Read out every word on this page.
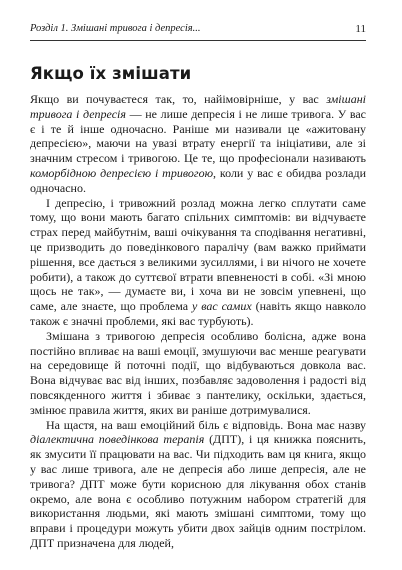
Розділ 1. Змішані тривога і депресія...	11
Якщо їх змішати

Якщо ви почуваєтеся так, то, найімовірніше, у вас змішані тривога і депресія — не лише депресія і не лише тривога. У вас є і те й інше одночасно. Раніше ми називали це «ажитовану депресією», маючи на увазі втрату енергії та ініціативи, але зі значним стресом і тривогою. Це те, що професіонали називають коморбідною депресією і тривогою, коли у вас є обидва розлади одночасно.

І депресію, і тривожний розлад можна легко сплутати саме тому, що вони мають багато спільних симптомів: ви відчуваєте страх перед майбутнім, ваші очікування та сподівання негативні, це призводить до поведінкового паралічу (вам важко приймати рішення, все дається з великими зусиллями, і ви нічого не хочете робити), а також до суттєвої втрати впевненості в собі. «Зі мною щось не так», — думаєте ви, і хоча ви не зовсім упевнені, що саме, але знаєте, що проблема у вас самих (навіть якщо навколо також є значні проблеми, які вас турбують).

Змішана з тривогою депресія особливо болісна, адже вона постійно впливає на ваші емоції, змушуючи вас менше реагувати на середовище й поточні події, що відбуваються довкола вас. Вона відчуває вас від інших, позбавляє задоволення і радості від повсякденного життя і збиває з пантелику, оскільки, здається, змінює правила життя, яких ви раніше дотримувалися.

На щастя, на ваш емоційний біль є відповідь. Вона має назву діалектична поведінкова терапія (ДПТ), і ця книжка пояснить, як змусити її працювати на вас. Чи підходить вам ця книга, якщо у вас лише тривога, але не депресія або лише депресія, але не тривога? ДПТ може бути корисною для лікування обох станів окремо, але вона є особливо потужним набором стратегій для використання людьми, які мають змішані симптоми, тому що вправи і процедури можуть убити двох зайців одним пострілом. ДПТ призначена для людей,
